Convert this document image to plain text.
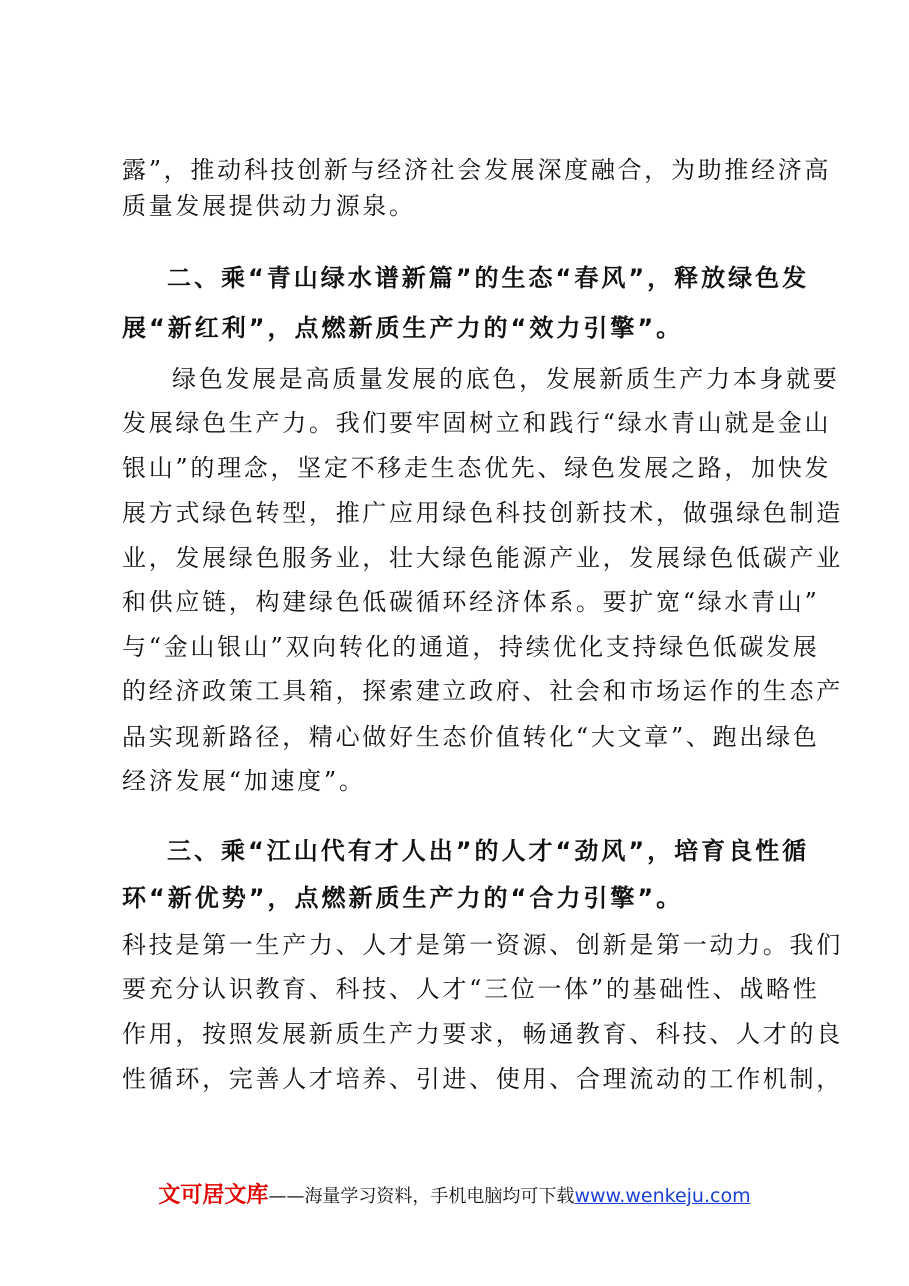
露”，推动科技创新与经济社会发展深度融合，为助推经济高
质量发展提供动力源泉。
二、乘“青山绿水谱新篇”的生态“春风”，释放绿色发
展“新红利”，点燃新质生产力的“效力引擎”。
绿色发展是高质量发展的底色，发展新质生产力本身就要
发展绿色生产力。我们要牢固树立和践行“绿水青山就是金山
银山”的理念，坚定不移走生态优先、绿色发展之路，加快发
展方式绿色转型，推广应用绿色科技创新技术，做强绿色制造
业，发展绿色服务业，壮大绿色能源产业，发展绿色低碳产业
和供应链，构建绿色低碳循环经济体系。要扩宽“绿水青山”
与“金山银山”双向转化的通道，持续优化支持绿色低碳发展
的经济政策工具箱，探索建立政府、社会和市场运作的生态产
品实现新路径，精心做好生态价值转化“大文章”、跑出绿色
经济发展“加速度”。
三、乘“江山代有才人出”的人才“劲风”，培育良性循
环“新优势”，点燃新质生产力的“合力引擎”。
科技是第一生产力、人才是第一资源、创新是第一动力。我们
要充分认识教育、科技、人才“三位一体”的基础性、战略性
作用，按照发展新质生产力要求，畅通教育、科技、人才的良
性循环，完善人才培养、引进、使用、合理流动的工作机制，
文可居文库——海量学习资料，手机电脑均可下载www.wenkeju.com
